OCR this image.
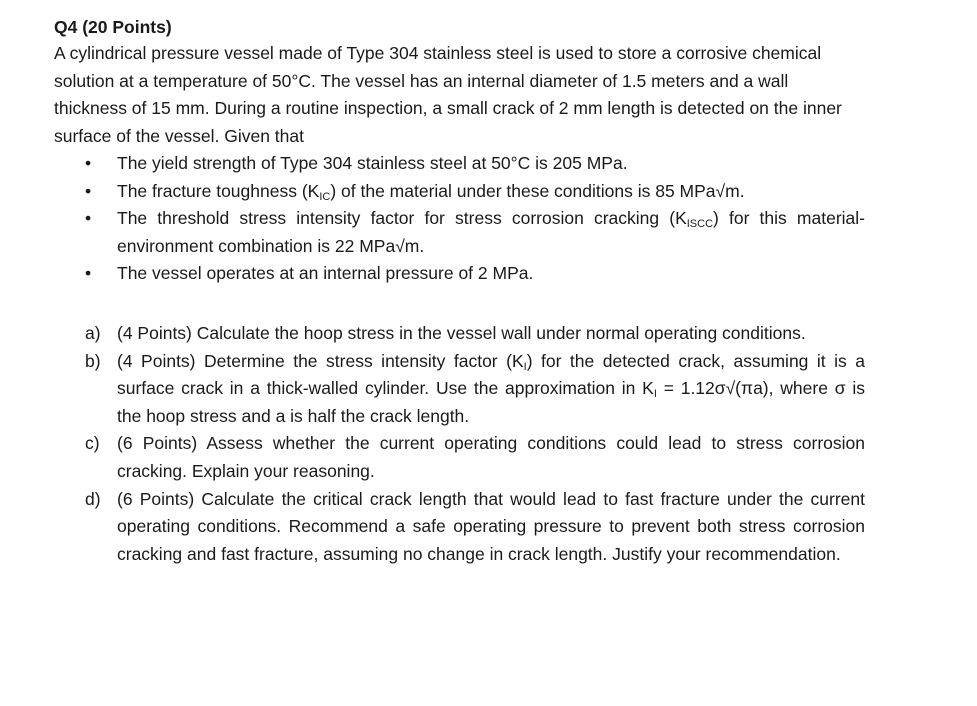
Q4 (20 Points)

A cylindrical pressure vessel made of Type 304 stainless steel is used to store a corrosive chemical solution at a temperature of 50°C. The vessel has an internal diameter of 1.5 meters and a wall thickness of 15 mm. During a routine inspection, a small crack of 2 mm length is detected on the inner surface of the vessel. Given that

• The yield strength of Type 304 stainless steel at 50°C is 205 MPa.
• The fracture toughness $(K_{IC})$ of the material under these conditions is 85 MPa√m.
• The threshold stress intensity factor for stress corrosion cracking $(K_{ISCC})$ for this material-environment combination is 22 MPa√m.
• The vessel operates at an internal pressure of 2 MPa.
a) (4 Points) Calculate the hoop stress in the vessel wall under normal operating conditions.
b) (4 Points) Determine the stress intensity factor $(K_I)$ for the detected crack, assuming it is a surface crack in a thick-walled cylinder. Use the approximation in $K_I = 1.12\sigma√(\pi a)$, where σ is the hoop stress and a is half the crack length.
c) (6 Points) Assess whether the current operating conditions could lead to stress corrosion cracking. Explain your reasoning.
d) (6 Points) Calculate the critical crack length that would lead to fast fracture under the current operating conditions. Recommend a safe operating pressure to prevent both stress corrosion cracking and fast fracture, assuming no change in crack length. Justify your recommendation.
